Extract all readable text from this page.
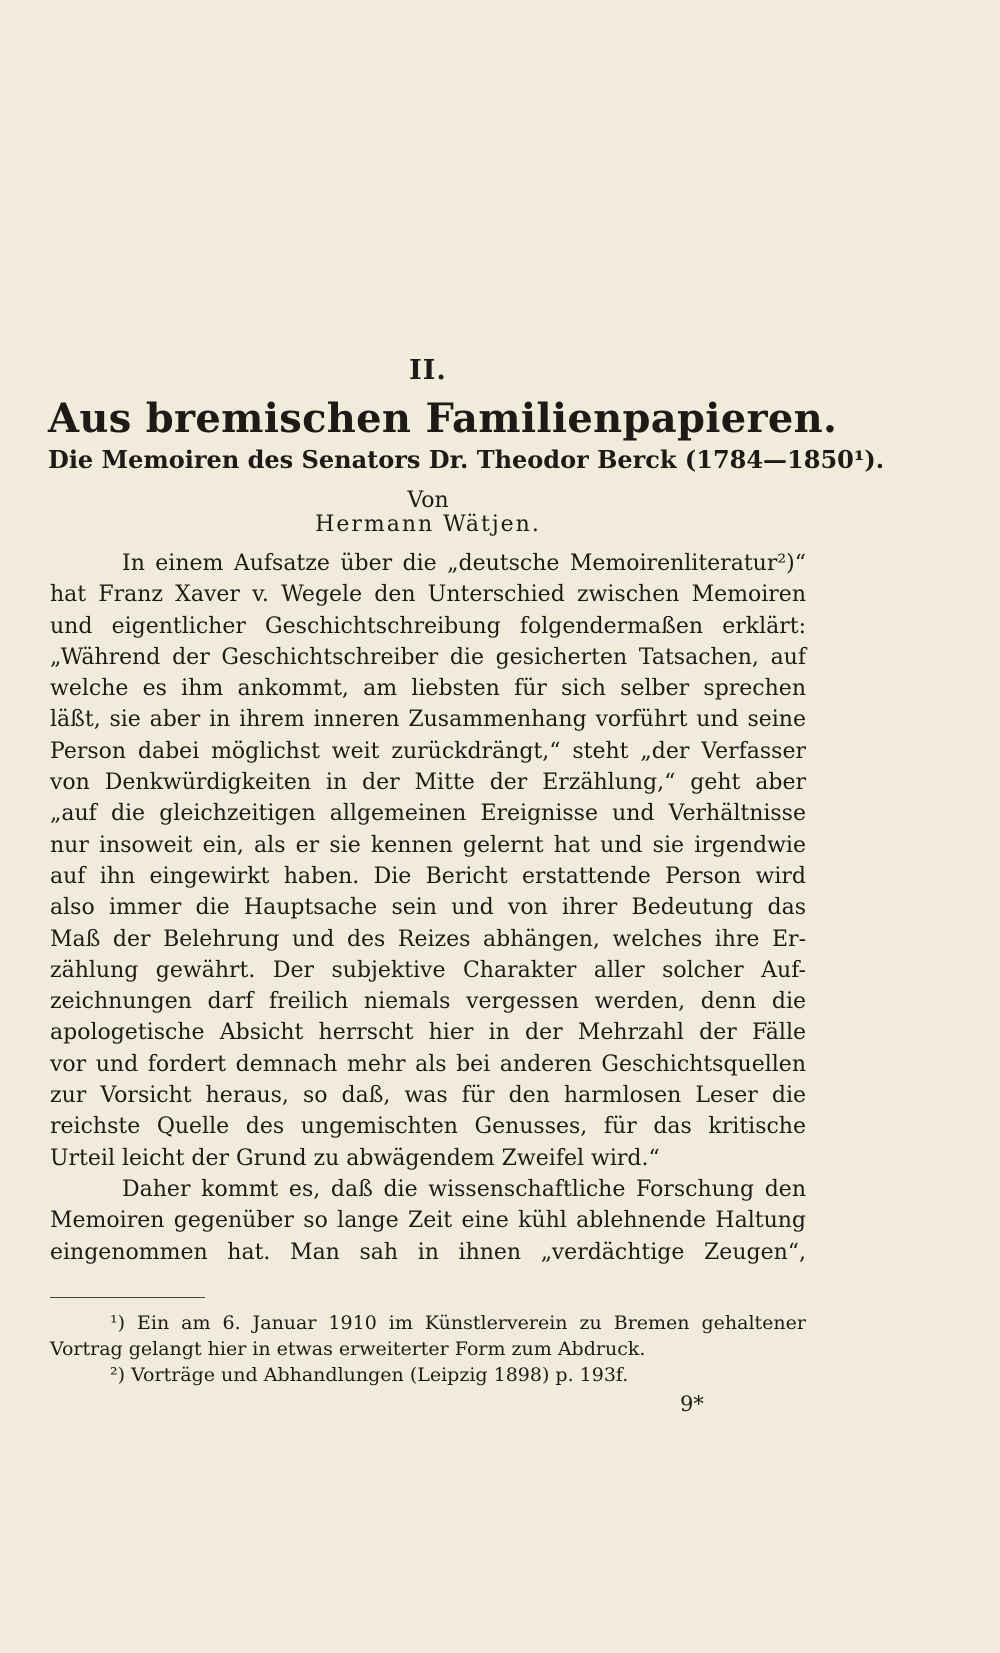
II.
Aus bremischen Familienpapieren.
Die Memoiren des Senators Dr. Theodor Berck (1784—1850¹).
Von
Hermann Wätjen.
In einem Aufsatze über die „deutsche Memoirenliteratur²)“
hat Franz Xaver v. Wegele den Unterschied zwischen Memoiren
und eigentlicher Geschichtschreibung folgendermaßen erklärt:
„Während der Geschichtschreiber die gesicherten Tatsachen, auf
welche es ihm ankommt, am liebsten für sich selber sprechen
läßt, sie aber in ihrem inneren Zusammenhang vorführt und seine
Person dabei möglichst weit zurückdrängt,“ steht „der Verfasser
von Denkwürdigkeiten in der Mitte der Erzählung,“ geht aber
„auf die gleichzeitigen allgemeinen Ereignisse und Verhältnisse
nur insoweit ein, als er sie kennen gelernt hat und sie irgendwie
auf ihn eingewirkt haben. Die Bericht erstattende Person wird
also immer die Hauptsache sein und von ihrer Bedeutung das
Maß der Belehrung und des Reizes abhängen, welches ihre Er-
zählung gewährt. Der subjektive Charakter aller solcher Auf-
zeichnungen darf freilich niemals vergessen werden, denn die
apologetische Absicht herrscht hier in der Mehrzahl der Fälle
vor und fordert demnach mehr als bei anderen Geschichtsquellen
zur Vorsicht heraus, so daß, was für den harmlosen Leser die
reichste Quelle des ungemischten Genusses, für das kritische
Urteil leicht der Grund zu abwägendem Zweifel wird.“
Daher kommt es, daß die wissenschaftliche Forschung den
Memoiren gegenüber so lange Zeit eine kühl ablehnende Haltung
eingenommen hat. Man sah in ihnen „verdächtige Zeugen“,
¹) Ein am 6. Januar 1910 im Künstlerverein zu Bremen gehaltener
Vortrag gelangt hier in etwas erweiterter Form zum Abdruck.
²) Vorträge und Abhandlungen (Leipzig 1898) p. 193f.
9*
